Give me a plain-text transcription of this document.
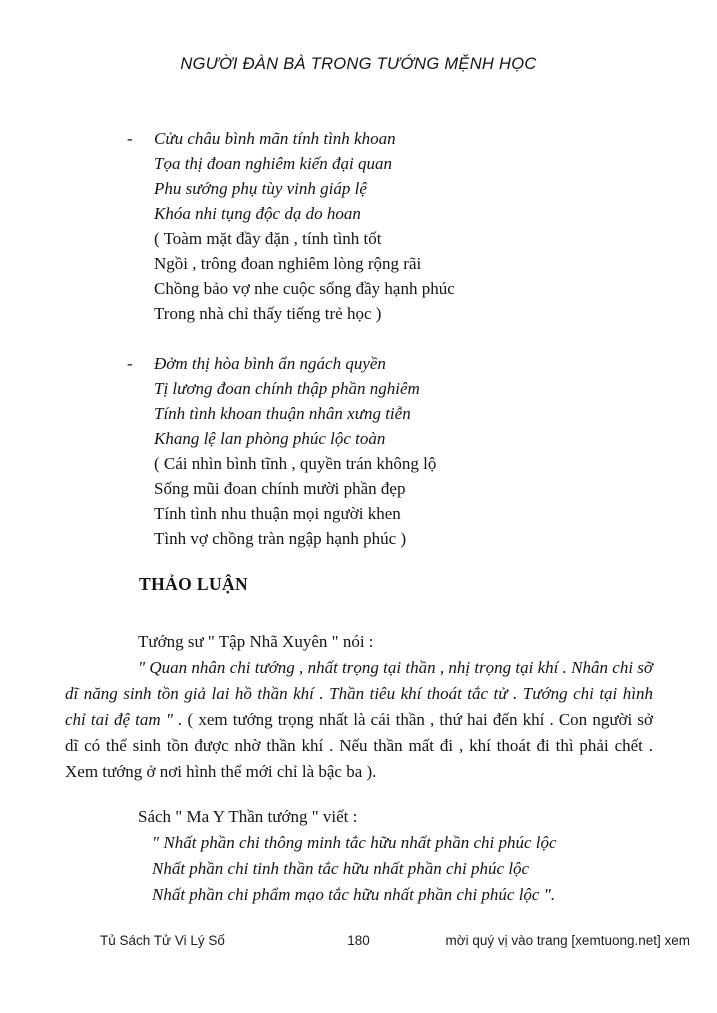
NGƯỜI ĐÀN BÀ TRONG TƯỚNG MỆNH HỌC
- Cửu châu bình mãn tính tình khoan
Tọa thị đoan nghiêm kiến đại quan
Phu sướng phụ tùy vinh giáp lệ
Khóa nhi tụng độc dạ do hoan
( Toàm mặt đầy đặn , tính tình tốt
Ngồi , trông đoan nghiêm lòng rộng rãi
Chồng bảo vợ nhe cuộc sống đầy hạnh phúc
Trong nhà chỉ thấy tiếng trẻ học )
- Đởm thị hòa bình ẩn ngách quyền
Tị lương đoan chính thập phần nghiêm
Tính tình khoan thuận nhân xưng tiễn
Khang lệ lan phòng phúc lộc toàn
( Cái nhìn bình tĩnh , quyền trán không lộ
Sống mũi đoan chính mười phần đẹp
Tính tình nhu thuận mọi người khen
Tình vợ chồng tràn ngập hạnh phúc )
THẢO LUẬN
Tướng sư " Tập Nhã Xuyên " nói :
" Quan nhân chi tướng , nhất trọng tại thần , nhị trọng tại khí . Nhân chi sỡ
dĩ năng sinh tồn giả lai hồ thần khí . Thần tiêu khí thoát tắc tử . Tướng chi tại hình
chỉ tai đệ tam " . ( xem tướng trọng nhất là cái thần , thứ hai đến khí . Con người sở
dĩ có thể sinh tồn được nhờ thần khí . Nếu thần mất đi , khí thoát đi thì phải chết .
Xem tướng ở nơi hình thể mới chỉ là bậc ba ).
Sách " Ma Y Thần tướng " viết :
" Nhất phần chi thông minh tắc hữu nhất phần chi phúc lộc
Nhất phần chi tinh thần tắc hữu nhất phần chi phúc lộc
Nhất phần chi phẩm mạo tắc hữu nhất phần chi phúc lộc ".
Tủ Sách Tử Vi Lý Số	180	mời quý vị vào trang [xemtuong.net] xem
